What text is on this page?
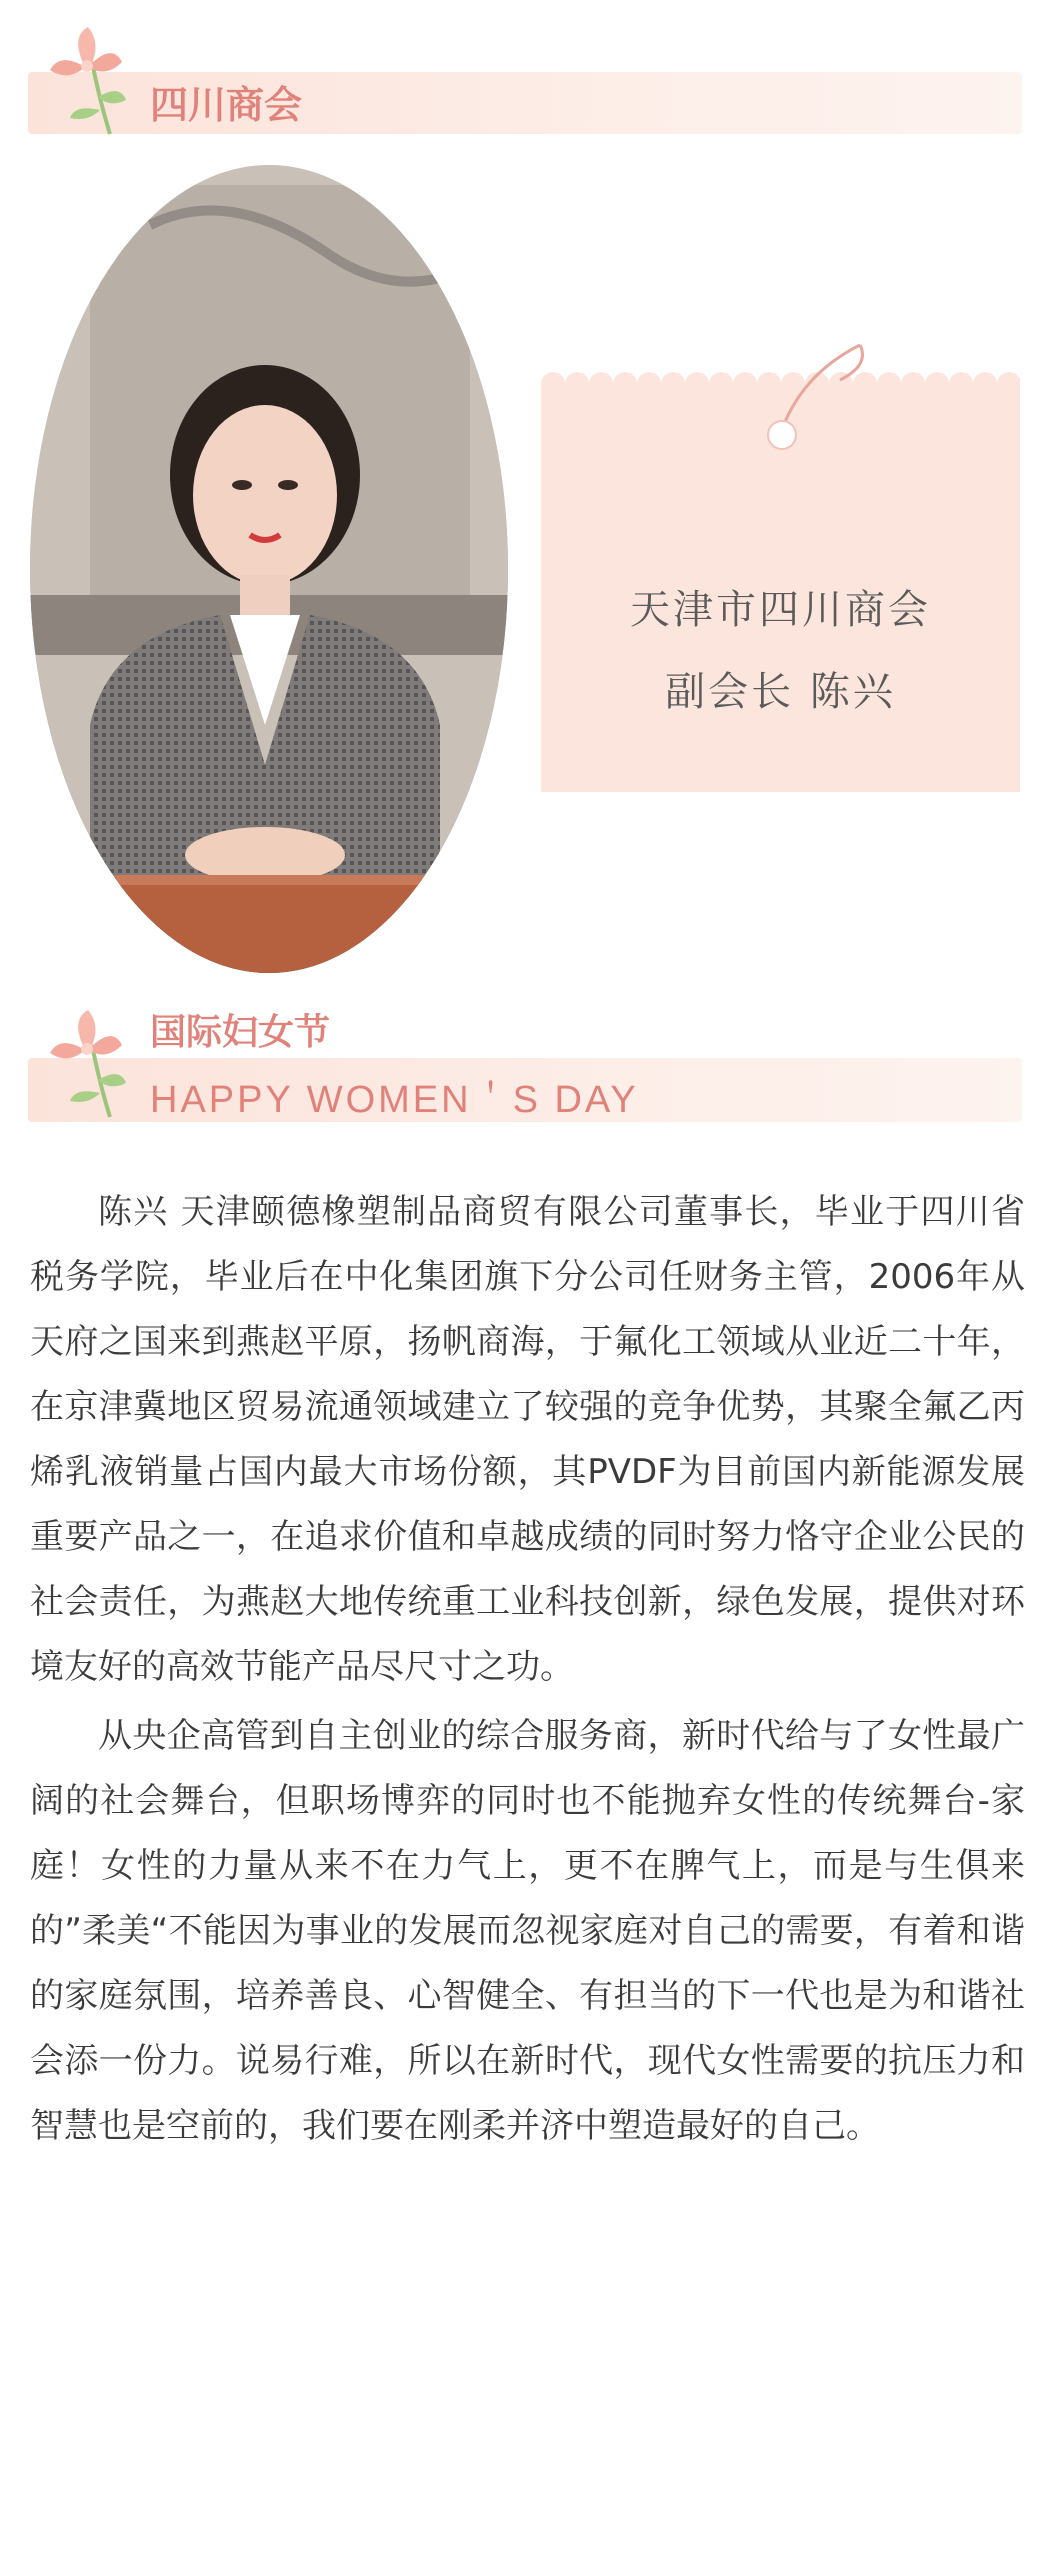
四川商会
天津市四川商会
副会长 陈兴
国际妇女节
HAPPY WOMEN＇S DAY

陈兴 天津颐德橡塑制品商贸有限公司董事长，毕业于四川省税务学院，毕业后在中化集团旗下分公司任财务主管，2006年从天府之国来到燕赵平原，扬帆商海，于氟化工领域从业近二十年，在京津冀地区贸易流通领域建立了较强的竞争优势，其聚全氟乙丙烯乳液销量占国内最大市场份额，其PVDF为目前国内新能源发展重要产品之一，在追求价值和卓越成绩的同时努力恪守企业公民的社会责任，为燕赵大地传统重工业科技创新，绿色发展，提供对环境友好的高效节能产品尽尺寸之功。

从央企高管到自主创业的综合服务商，新时代给与了女性最广阔的社会舞台，但职场博弈的同时也不能抛弃女性的传统舞台-家庭！女性的力量从来不在力气上，更不在脾气上，而是与生俱来的”柔美“不能因为事业的发展而忽视家庭对自己的需要，有着和谐的家庭氛围，培养善良、心智健全、有担当的下一代也是为和谐社会添一份力。说易行难，所以在新时代，现代女性需要的抗压力和智慧也是空前的，我们要在刚柔并济中塑造最好的自己。
